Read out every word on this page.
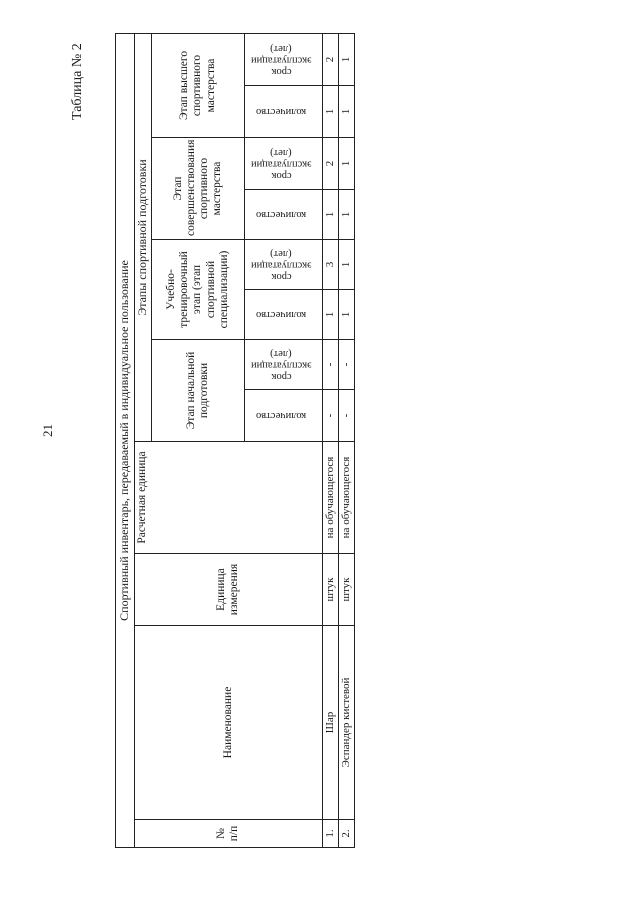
21
Таблица № 2
Спортивный инвентарь, передаваемый в индивидуальное пользование											
№
п/п	Наименование	Единица измерения	Расчетная единица	Этапы спортивной подготовки							
				Этап начальной подготовки		Учебно-тренировочный этап (этап спортивной специализации)		Этап совершенствования спортивного мастерства		Этап высшего спортивного мастерства	
				количество	срок
эксплуатации
(лет)	количество	срок
эксплуатации
(лет)	количество	срок
эксплуатации
(лет)	количество	срок
эксплуатации
(лет)
1.	Шар	штук	на обучающегося	-	-	1	3	1	2	1	2
2.	Эспандер кистевой	штук	на обучающегося	-	-	1	1	1	1	1	1
